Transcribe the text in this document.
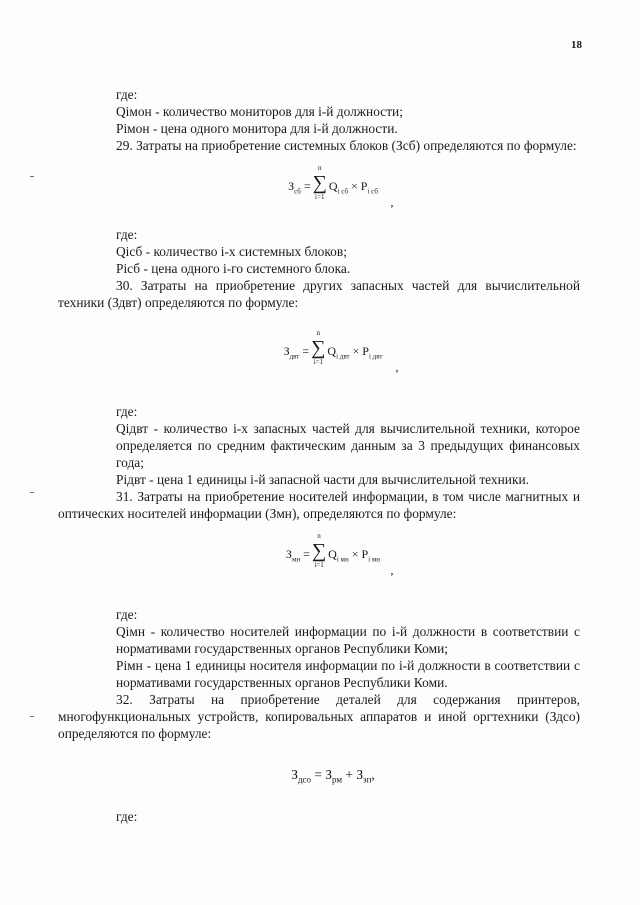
18

где:

Qiмон - количество мониторов для i-й должности;

Piмон - цена одного монитора для i-й должности.

29. Затраты на приобретение системных блоков (Зсб) определяются по формуле:

$З_{сб}$ =
n
∑
i=1
$Q_{i сб} \times P_{i сб}$
,

где:

Qiсб - количество i-х системных блоков;

Piсб - цена одного i-го системного блока.

30. Затраты на приобретение других запасных частей для вычислительной техники (Здвт) определяются по формуле:

$З_{двт}$ =
n
∑
i=1
$Q_{i двт} \times P_{i двт}$
,

где:

Qiдвт - количество i-х запасных частей для вычислительной техники, которое определяется по средним фактическим данным за 3 предыдущих финансовых года;

Piдвт - цена 1 единицы i-й запасной части для вычислительной техники.

31. Затраты на приобретение носителей информации, в том числе магнитных и оптических носителей информации (Змн), определяются по формуле:

$З_{мн}$ =
n
∑
i=1
$Q_{i мн} \times P_{i мн}$
,

где:

Qiмн - количество носителей информации по i-й должности в соответствии с нормативами государственных органов Республики Коми;

Piмн - цена 1 единицы носителя информации по i-й должности в соответствии с нормативами государственных органов Республики Коми.

32. Затраты на приобретение деталей для содержания принтеров, многофункциональных устройств, копировальных аппаратов и иной оргтехники (Здсо) определяются по формуле:

$З_{дсо} = З_{рм} + З_{зп}$,

где:
